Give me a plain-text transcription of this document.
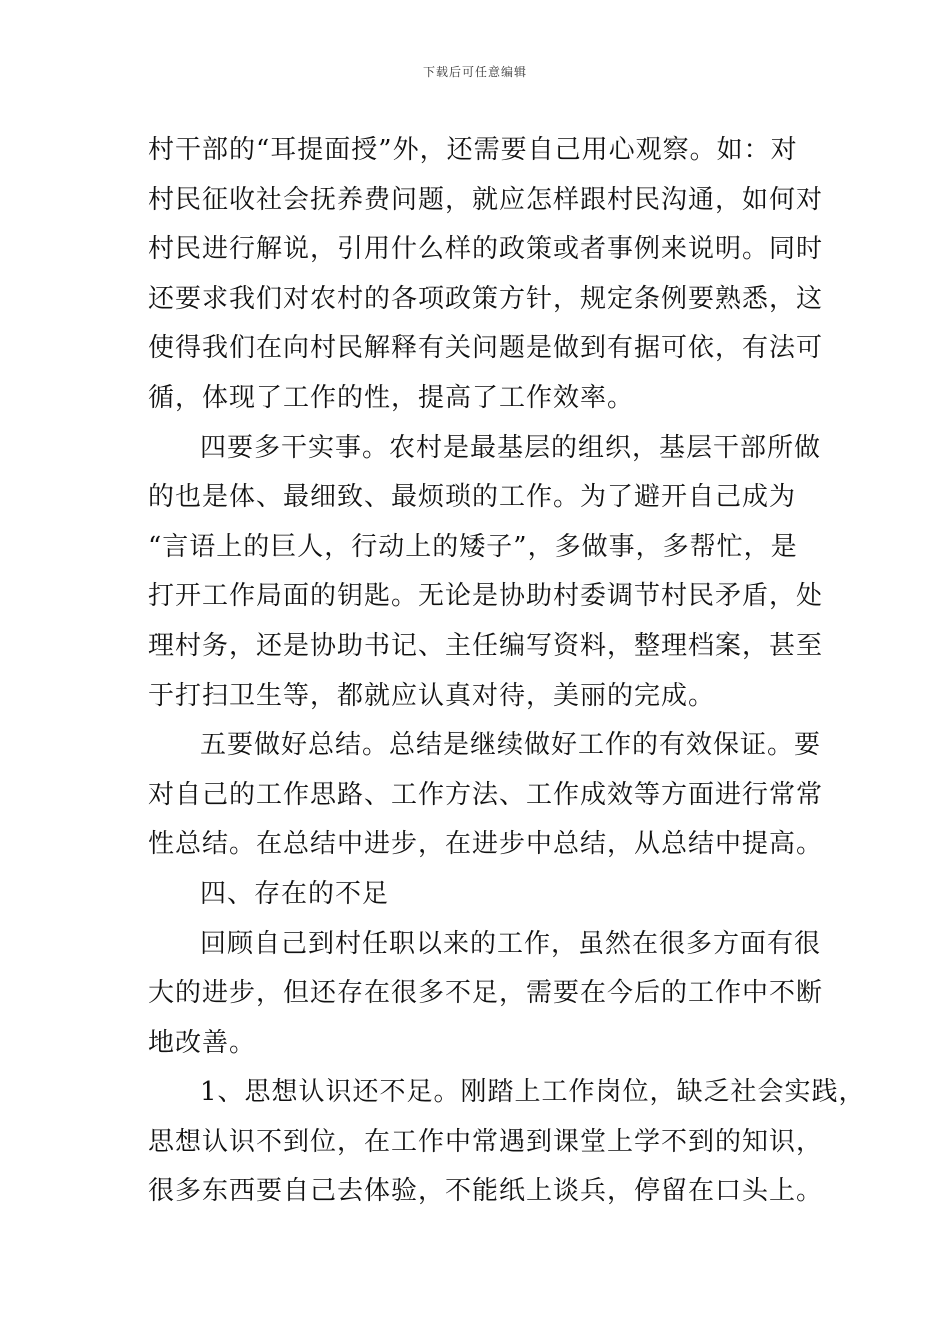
下载后可任意编辑
村干部的“耳提面授”外，还需要自己用心观察。如：对
村民征收社会抚养费问题，就应怎样跟村民沟通，如何对
村民进行解说，引用什么样的政策或者事例来说明。同时
还要求我们对农村的各项政策方针，规定条例要熟悉，这
使得我们在向村民解释有关问题是做到有据可依，有法可
循，体现了工作的性，提高了工作效率。
四要多干实事。农村是最基层的组织，基层干部所做
的也是体、最细致、最烦琐的工作。为了避开自己成为
“言语上的巨人，行动上的矮子”，多做事，多帮忙，是
打开工作局面的钥匙。无论是协助村委调节村民矛盾，处
理村务，还是协助书记、主任编写资料，整理档案，甚至
于打扫卫生等，都就应认真对待，美丽的完成。
五要做好总结。总结是继续做好工作的有效保证。要
对自己的工作思路、工作方法、工作成效等方面进行常常
性总结。在总结中进步，在进步中总结，从总结中提高。
四、存在的不足
回顾自己到村任职以来的工作，虽然在很多方面有很
大的进步，但还存在很多不足，需要在今后的工作中不断
地改善。
1、思想认识还不足。刚踏上工作岗位，缺乏社会实践，
思想认识不到位，在工作中常遇到课堂上学不到的知识，
很多东西要自己去体验，不能纸上谈兵，停留在口头上。
